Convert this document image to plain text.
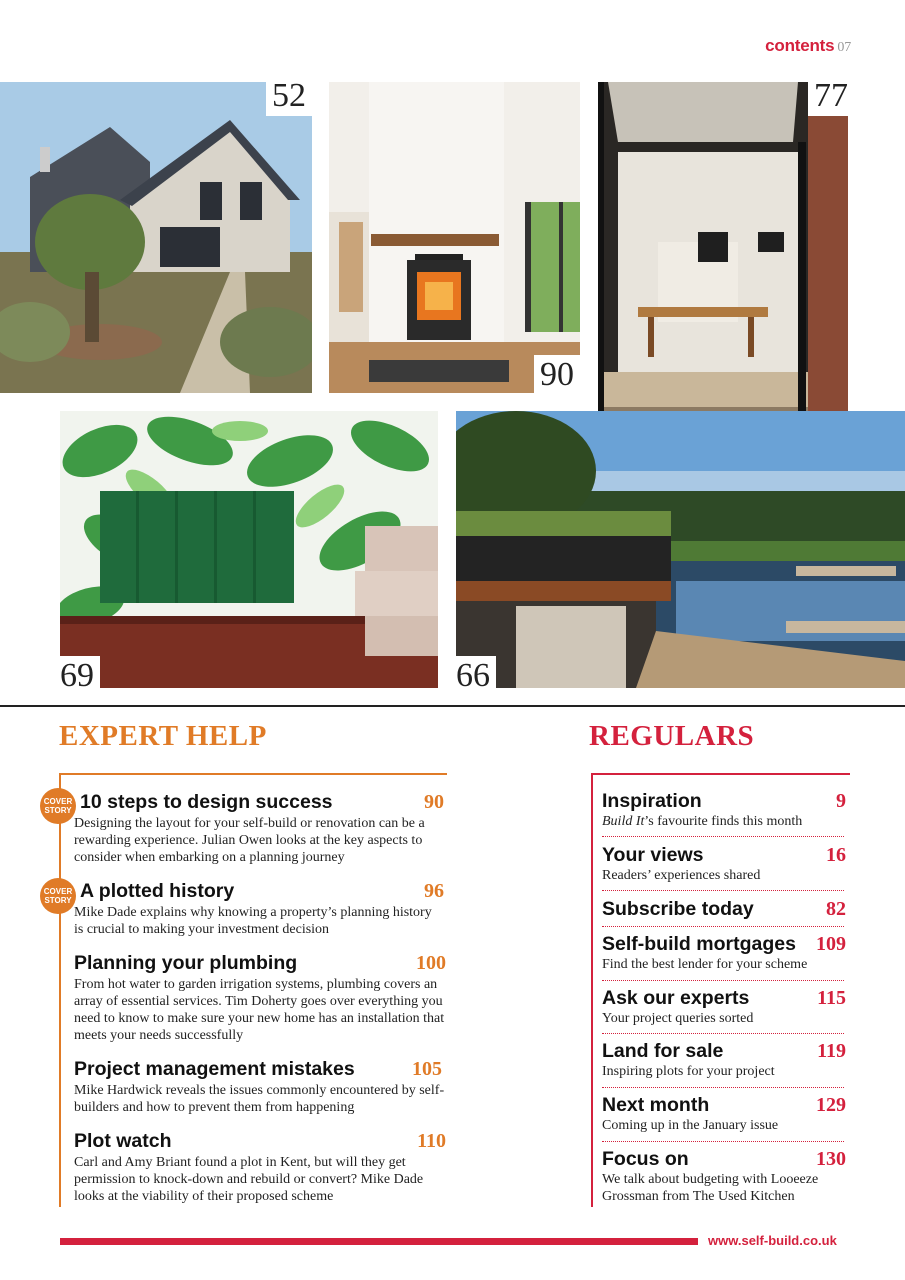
contents 07
52
90
77
69	66
EXPERT HELP
COVER
STORY 10 steps to design success	90
Designing the layout for your self-build or renovation can be a rewarding experience. Julian Owen looks at the key aspects to consider when embarking on a planning journey
COVER
STORY A plotted history	96
Mike Dade explains why knowing a property’s planning history is crucial to making your investment decision
Planning your plumbing	100
From hot water to garden irrigation systems, plumbing covers an array of essential services. Tim Doherty goes over everything you need to know to make sure your new home has an installation that meets your needs successfully
Project management mistakes	105
Mike Hardwick reveals the issues commonly encountered by self-builders and how to prevent them from happening
Plot watch	110
Carl and Amy Briant found a plot in Kent, but will they get permission to knock-down and rebuild or convert? Mike Dade looks at the viability of their proposed scheme
REGULARS
Inspiration	9
Build It’s favourite finds this month
Your views	16
Readers’ experiences shared
Subscribe today	82
Self-build mortgages	109
Find the best lender for your scheme
Ask our experts	115
Your project queries sorted
Land for sale	119
Inspiring plots for your project
Next month	129
Coming up in the January issue
Focus on	130
We talk about budgeting with Looeeze Grossman from The Used Kitchen
www.self-build.co.uk
